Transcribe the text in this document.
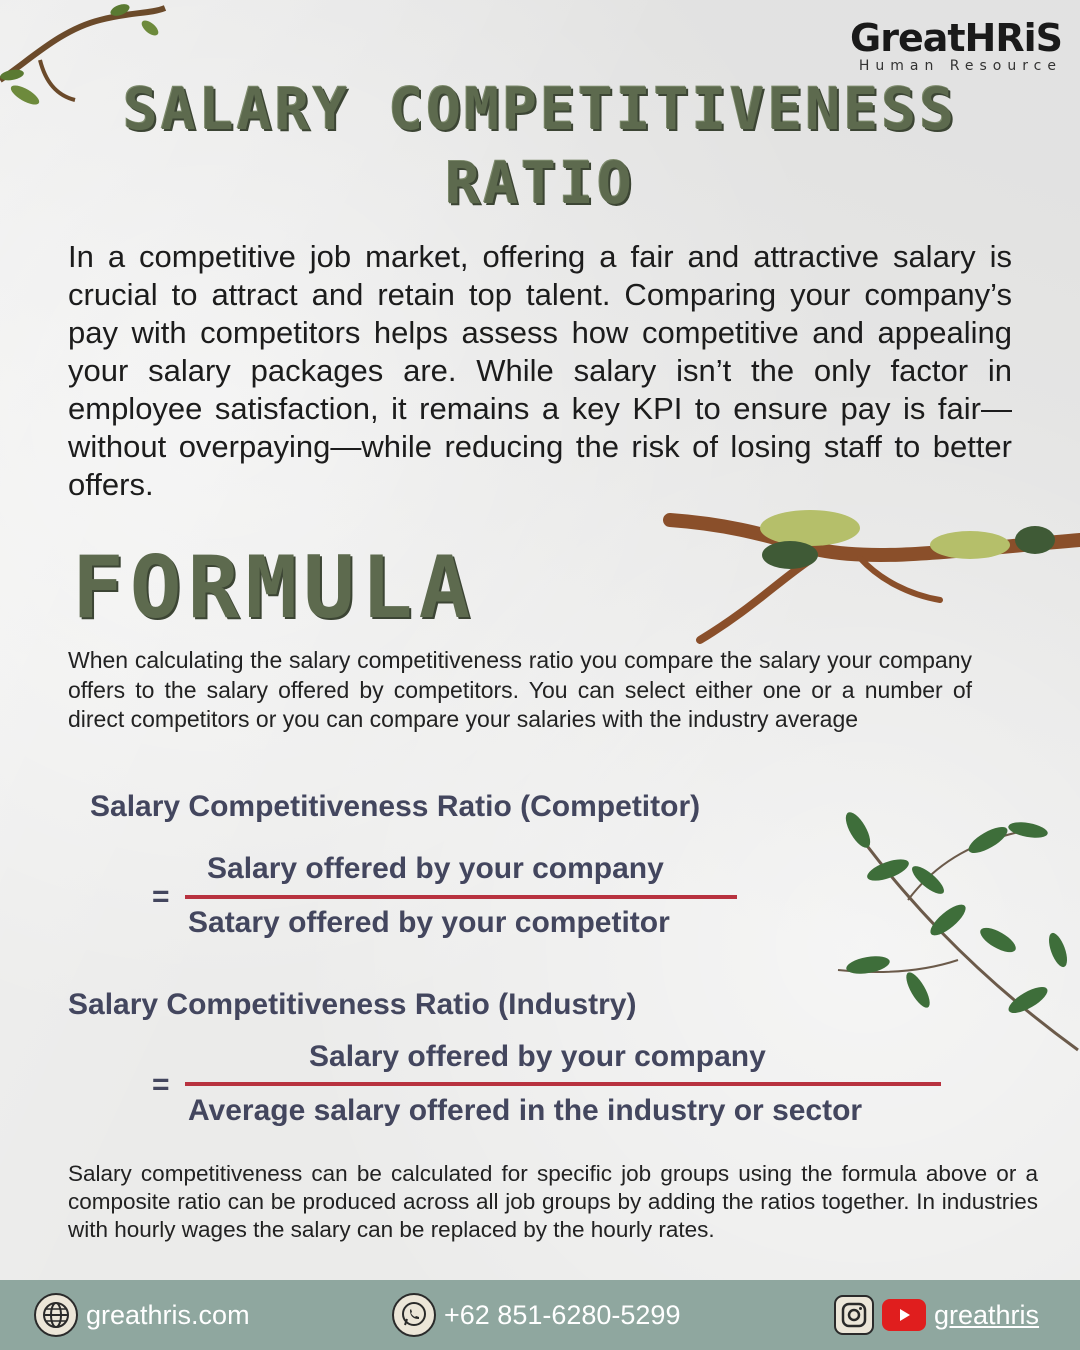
GreatHRiS
Human Resource
SALARY COMPETITIVENESS
RATIO

In a competitive job market, offering a fair and attractive salary is crucial to attract and retain top talent. Comparing your company’s pay with competitors helps assess how competitive and appealing your salary packages are. While salary isn’t the only factor in employee satisfaction, it remains a key KPI to ensure pay is fair—without overpaying—while reducing the risk of losing staff to better offers.

FORMULA

When calculating the salary competitiveness ratio you compare the salary your company offers to the salary offered by competitors. You can select either one or a number of direct competitors or you can compare your salaries with the industry average

Salary Competitiveness Ratio (Competitor)
=
Salary offered by your company
Satary offered by your competitor
Salary Competitiveness Ratio (Industry)
=
Salary offered by your company
Average salary offered in the industry or sector

Salary competitiveness can be calculated for specific job groups using the formula above or a composite ratio can be produced across all job groups by adding the ratios together. In industries with hourly wages the salary can be replaced by the hourly rates.

greathris.com	+62 851-6280-5299	greathris
